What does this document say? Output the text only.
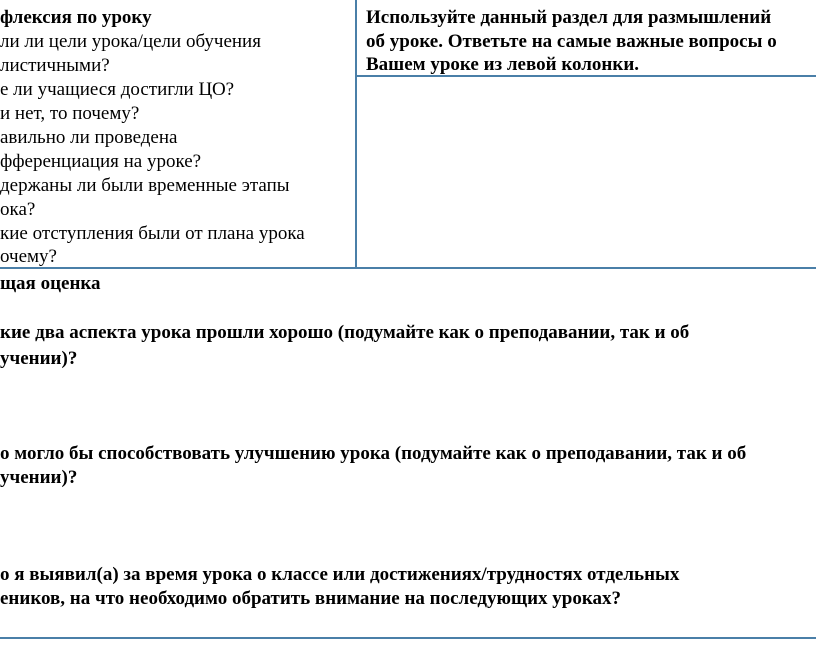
флексия по уроку
ли ли цели урока/цели обучения
листичными?
е ли учащиеся достигли ЦО?
и нет, то почему?
авильно ли проведена
фференциация на уроке?
держаны ли были временные этапы
ока?
кие отступления были от плана урока
очему?
Используйте данный раздел для размышлений
об уроке. Ответьте на самые важные вопросы о
Вашем уроке из левой колонки.
щая оценка
кие два аспекта урока прошли хорошо (подумайте как о преподавании, так и об
учении)?
о могло бы способствовать улучшению урока (подумайте как о преподавании, так и об
учении)?
о я выявил(а) за время урока о классе или достижениях/трудностях отдельных
еников, на что необходимо обратить внимание на последующих уроках?
